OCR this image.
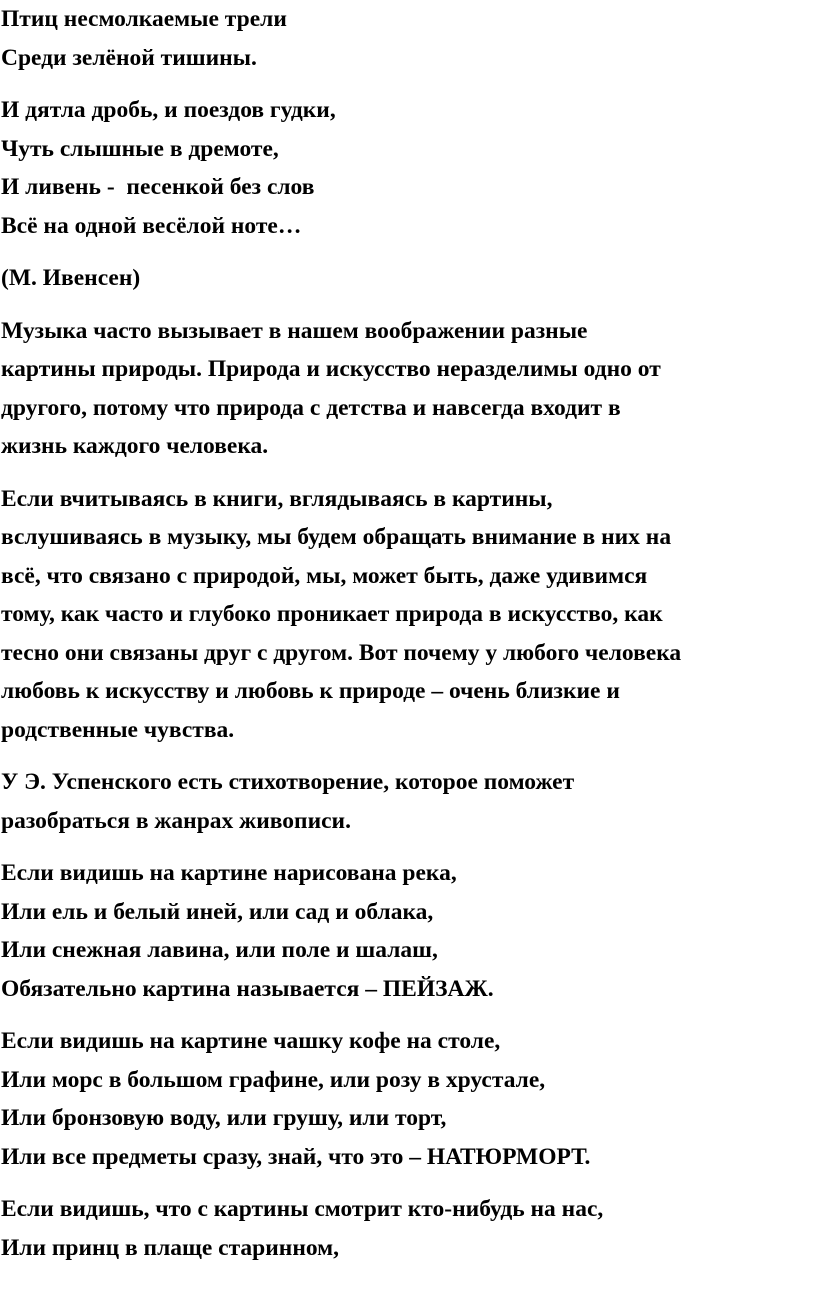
Птиц несмолкаемые трели
Среди зелёной тишины.
И дятла дробь, и поездов гудки,
Чуть слышные в дремоте,
И ливень -  песенкой без слов
Всё на одной весёлой ноте…
(М. Ивенсен)
Музыка часто вызывает в нашем воображении разные
картины природы. Природа и искусство неразделимы одно от
другого, потому что природа с детства и навсегда входит в
жизнь каждого человека.
Если вчитываясь в книги, вглядываясь в картины,
вслушиваясь в музыку, мы будем обращать внимание в них на
всё, что связано с природой, мы, может быть, даже удивимся
тому, как часто и глубоко проникает природа в искусство, как
тесно они связаны друг с другом. Вот почему у любого человека
любовь к искусству и любовь к природе – очень близкие и
родственные чувства.
У Э. Успенского есть стихотворение, которое поможет
разобраться в жанрах живописи.
Если видишь на картине нарисована река,
Или ель и белый иней, или сад и облака,
Или снежная лавина, или поле и шалаш,
Обязательно картина называется – ПЕЙЗАЖ.
Если видишь на картине чашку кофе на столе,
Или морс в большом графине, или розу в хрустале,
Или бронзовую воду, или грушу, или торт,
Или все предметы сразу, знай, что это – НАТЮРМОРТ.
Если видишь, что с картины смотрит кто-нибудь на нас,
Или принц в плаще старинном,
